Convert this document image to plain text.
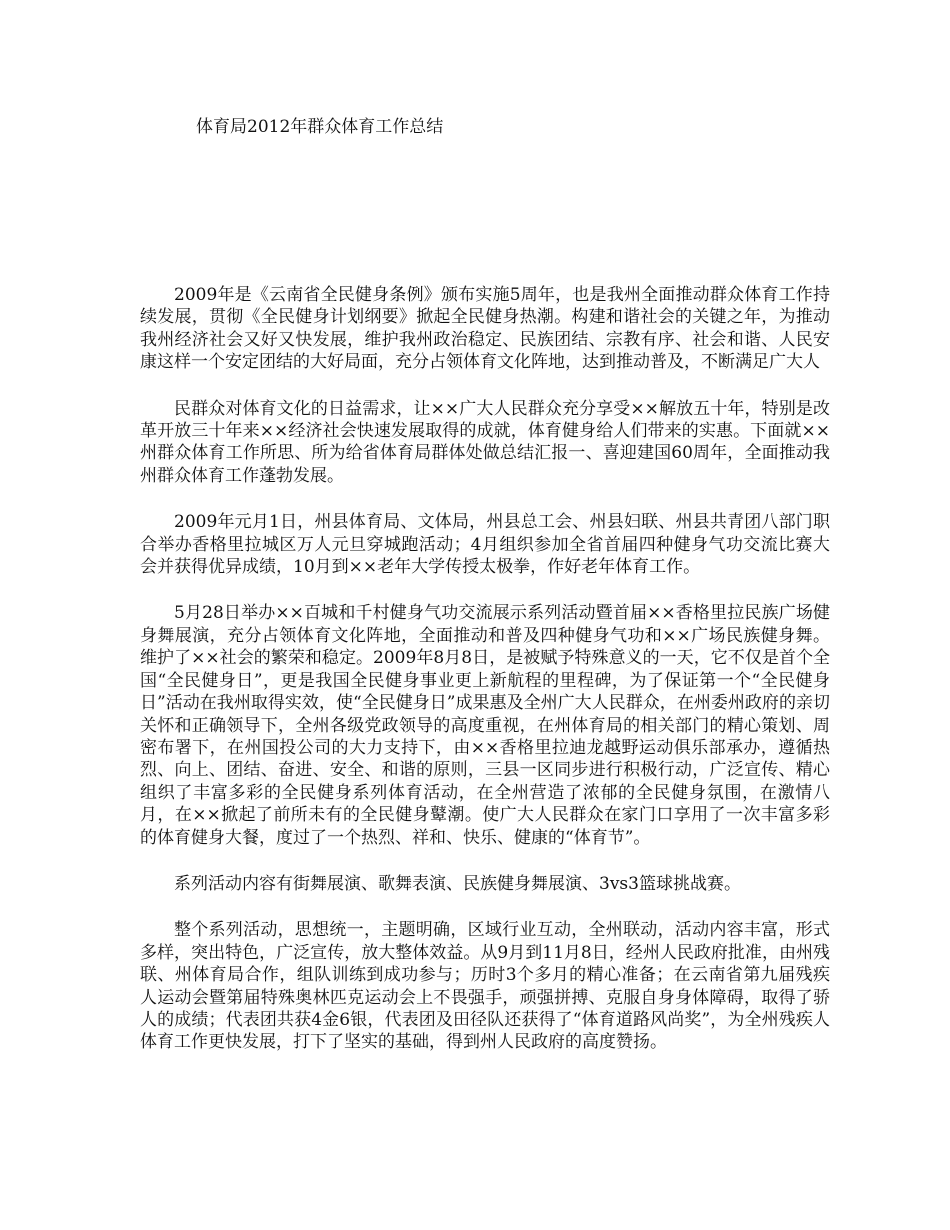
体育局2012年群众体育工作总结

2009年是《云南省全民健身条例》颁布实施5周年，也是我州全面推动群众体育工作持续发展，贯彻《全民健身计划纲要》掀起全民健身热潮。构建和谐社会的关键之年，为推动我州经济社会又好又快发展，维护我州政治稳定、民族团结、宗教有序、社会和谐、人民安康这样一个安定团结的大好局面，充分占领体育文化阵地，达到推动普及，不断满足广大人

民群众对体育文化的日益需求，让××广大人民群众充分享受××解放五十年，特别是改革开放三十年来××经济社会快速发展取得的成就，体育健身给人们带来的实惠。下面就××州群众体育工作所思、所为给省体育局群体处做总结汇报一、喜迎建国60周年，全面推动我州群众体育工作蓬勃发展。

2009年元月1日，州县体育局、文体局，州县总工会、州县妇联、州县共青团八部门职合举办香格里拉城区万人元旦穿城跑活动；4月组织参加全省首届四种健身气功交流比赛大会并获得优异成绩，10月到××老年大学传授太极拳，作好老年体育工作。

5月28日举办××百城和千村健身气功交流展示系列活动暨首届××香格里拉民族广场健身舞展演，充分占领体育文化阵地，全面推动和普及四种健身气功和××广场民族健身舞。维护了××社会的繁荣和稳定。2009年8月8日，是被赋予特殊意义的一天，它不仅是首个全国“全民健身日”，更是我国全民健身事业更上新航程的里程碑，为了保证第一个“全民健身日”活动在我州取得实效，使“全民健身日”成果惠及全州广大人民群众，在州委州政府的亲切关怀和正确领导下，全州各级党政领导的高度重视，在州体育局的相关部门的精心策划、周密布署下，在州国投公司的大力支持下，由××香格里拉迪龙越野运动俱乐部承办，遵循热烈、向上、团结、奋进、安全、和谐的原则，三县一区同步进行积极行动，广泛宣传、精心组织了丰富多彩的全民健身系列体育活动，在全州营造了浓郁的全民健身氛围，在激情八月，在××掀起了前所未有的全民健身鼙潮。使广大人民群众在家门口享用了一次丰富多彩的体育健身大餐，度过了一个热烈、祥和、快乐、健康的“体育节”。

系列活动内容有街舞展演、歌舞表演、民族健身舞展演、3vs3篮球挑战赛。

整个系列活动，思想统一，主题明确，区域行业互动，全州联动，活动内容丰富，形式多样，突出特色，广泛宣传，放大整体效益。从9月到11月8日，经州人民政府批准，由州残联、州体育局合作，组队训练到成功参与；历时3个多月的精心准备；在云南省第九届残疾人运动会暨第届特殊奥林匹克运动会上不畏强手，顽强拼搏、克服自身身体障碍，取得了骄人的成绩；代表团共获4金6银，代表团及田径队还获得了“体育道路风尚奖”，为全州残疾人体育工作更快发展，打下了坚实的基础，得到州人民政府的高度赞扬。
